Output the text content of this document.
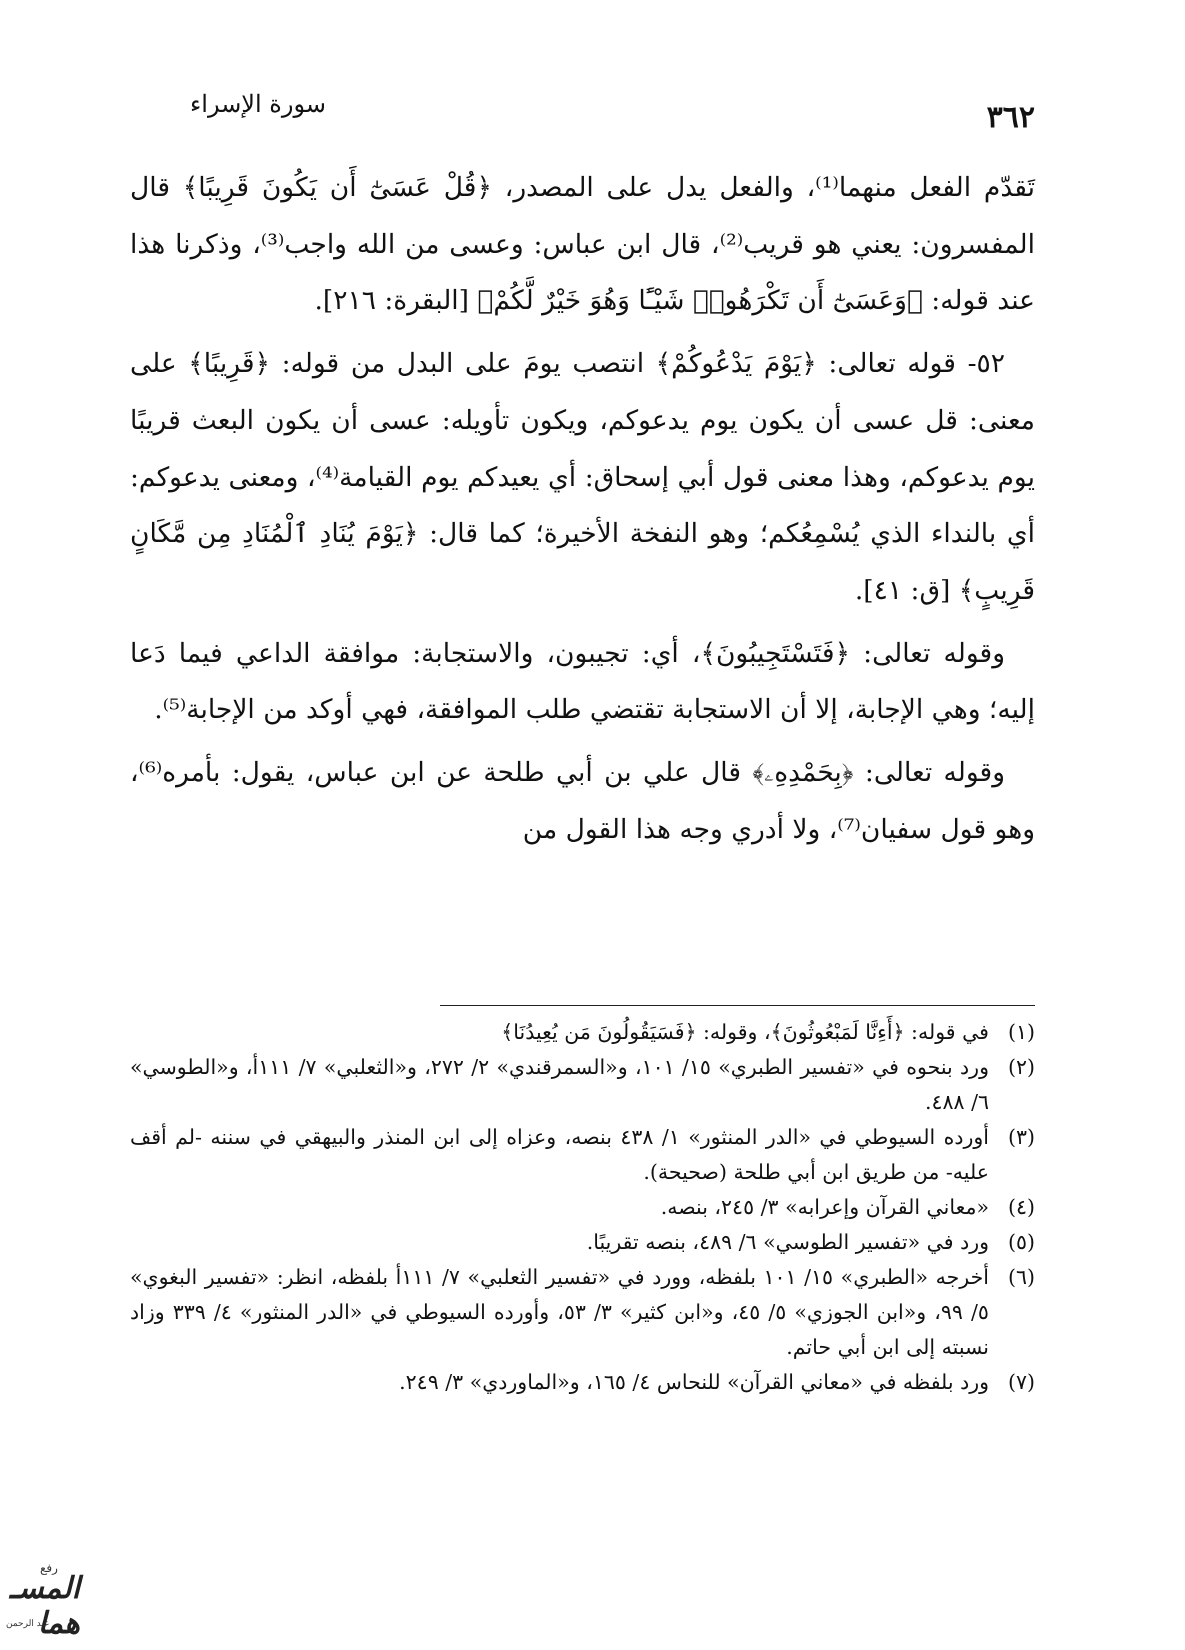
٣٦٢
سورة الإسراء

تَقدّم الفعل منهما⁽¹⁾، والفعل يدل على المصدر، ﴿قُلْ عَسَىٰٓ أَن يَكُونَ قَرِيبًا﴾ قال المفسرون: يعني هو قريب⁽²⁾، قال ابن عباس: وعسى من الله واجب⁽³⁾، وذكرنا هذا عند قوله: ﴿وَعَسَىٰٓ أَن تَكْرَهُوا۟ شَيْـًٔا وَهُوَ خَيْرٌ لَّكُمْ﴾ [البقرة: ٢١٦].

٥٢- قوله تعالى: ﴿يَوْمَ يَدْعُوكُمْ﴾ انتصب يومَ على البدل من قوله: ﴿قَرِيبًا﴾ على معنى: قل عسى أن يكون يوم يدعوكم، ويكون تأويله: عسى أن يكون البعث قريبًا يوم يدعوكم، وهذا معنى قول أبي إسحاق: أي يعيدكم يوم القيامة⁽⁴⁾، ومعنى يدعوكم: أي بالنداء الذي يُسْمِعُكم؛ وهو النفخة الأخيرة؛ كما قال: ﴿يَوْمَ يُنَادِ ٱلْمُنَادِ مِن مَّكَانٍ قَرِيبٍ﴾ [ق: ٤١].

وقوله تعالى: ﴿فَتَسْتَجِيبُونَ﴾، أي: تجيبون، والاستجابة: موافقة الداعي فيما دَعا إليه؛ وهي الإجابة، إلا أن الاستجابة تقتضي طلب الموافقة، فهي أوكد من الإجابة⁽⁵⁾.

وقوله تعالى: ﴿بِحَمْدِهِۦ﴾ قال علي بن أبي طلحة عن ابن عباس، يقول: بأمره⁽⁶⁾، وهو قول سفيان⁽⁷⁾، ولا أدري وجه هذا القول من

(١)
في قوله: ﴿أَءِنَّا لَمَبْعُوثُونَ﴾، وقوله: ﴿فَسَيَقُولُونَ مَن يُعِيدُنَا﴾
(٢)
ورد بنحوه في «تفسير الطبري» ١٥/ ١٠١، و«السمرقندي» ٢/ ٢٧٢، و«الثعلبي» ٧/ ١١١أ، و«الطوسي» ٦/ ٤٨٨.
(٣)
أورده السيوطي في «الدر المنثور» ١/ ٤٣٨ بنصه، وعزاه إلى ابن المنذر والبيهقي في سننه -لم أقف عليه- من طريق ابن أبي طلحة (صحيحة).
(٤)
«معاني القرآن وإعرابه» ٣/ ٢٤٥، بنصه.
(٥)
ورد في «تفسير الطوسي» ٦/ ٤٨٩، بنصه تقريبًا.
(٦)
أخرجه «الطبري» ١٥/ ١٠١ بلفظه، وورد في «تفسير الثعلبي» ٧/ ١١١أ بلفظه، انظر: «تفسير البغوي» ٥/ ٩٩، و«ابن الجوزي» ٥/ ٤٥، و«ابن كثير» ٣/ ٥٣، وأورده السيوطي في «الدر المنثور» ٤/ ٣٣٩ وزاد نسبته إلى ابن أبي حاتم.
(٧)
ورد بلفظه في «معاني القرآن» للنحاس ٤/ ١٦٥، و«الماوردي» ٣/ ٢٤٩.
رفع
المسـ هما
عبد الرحمن
